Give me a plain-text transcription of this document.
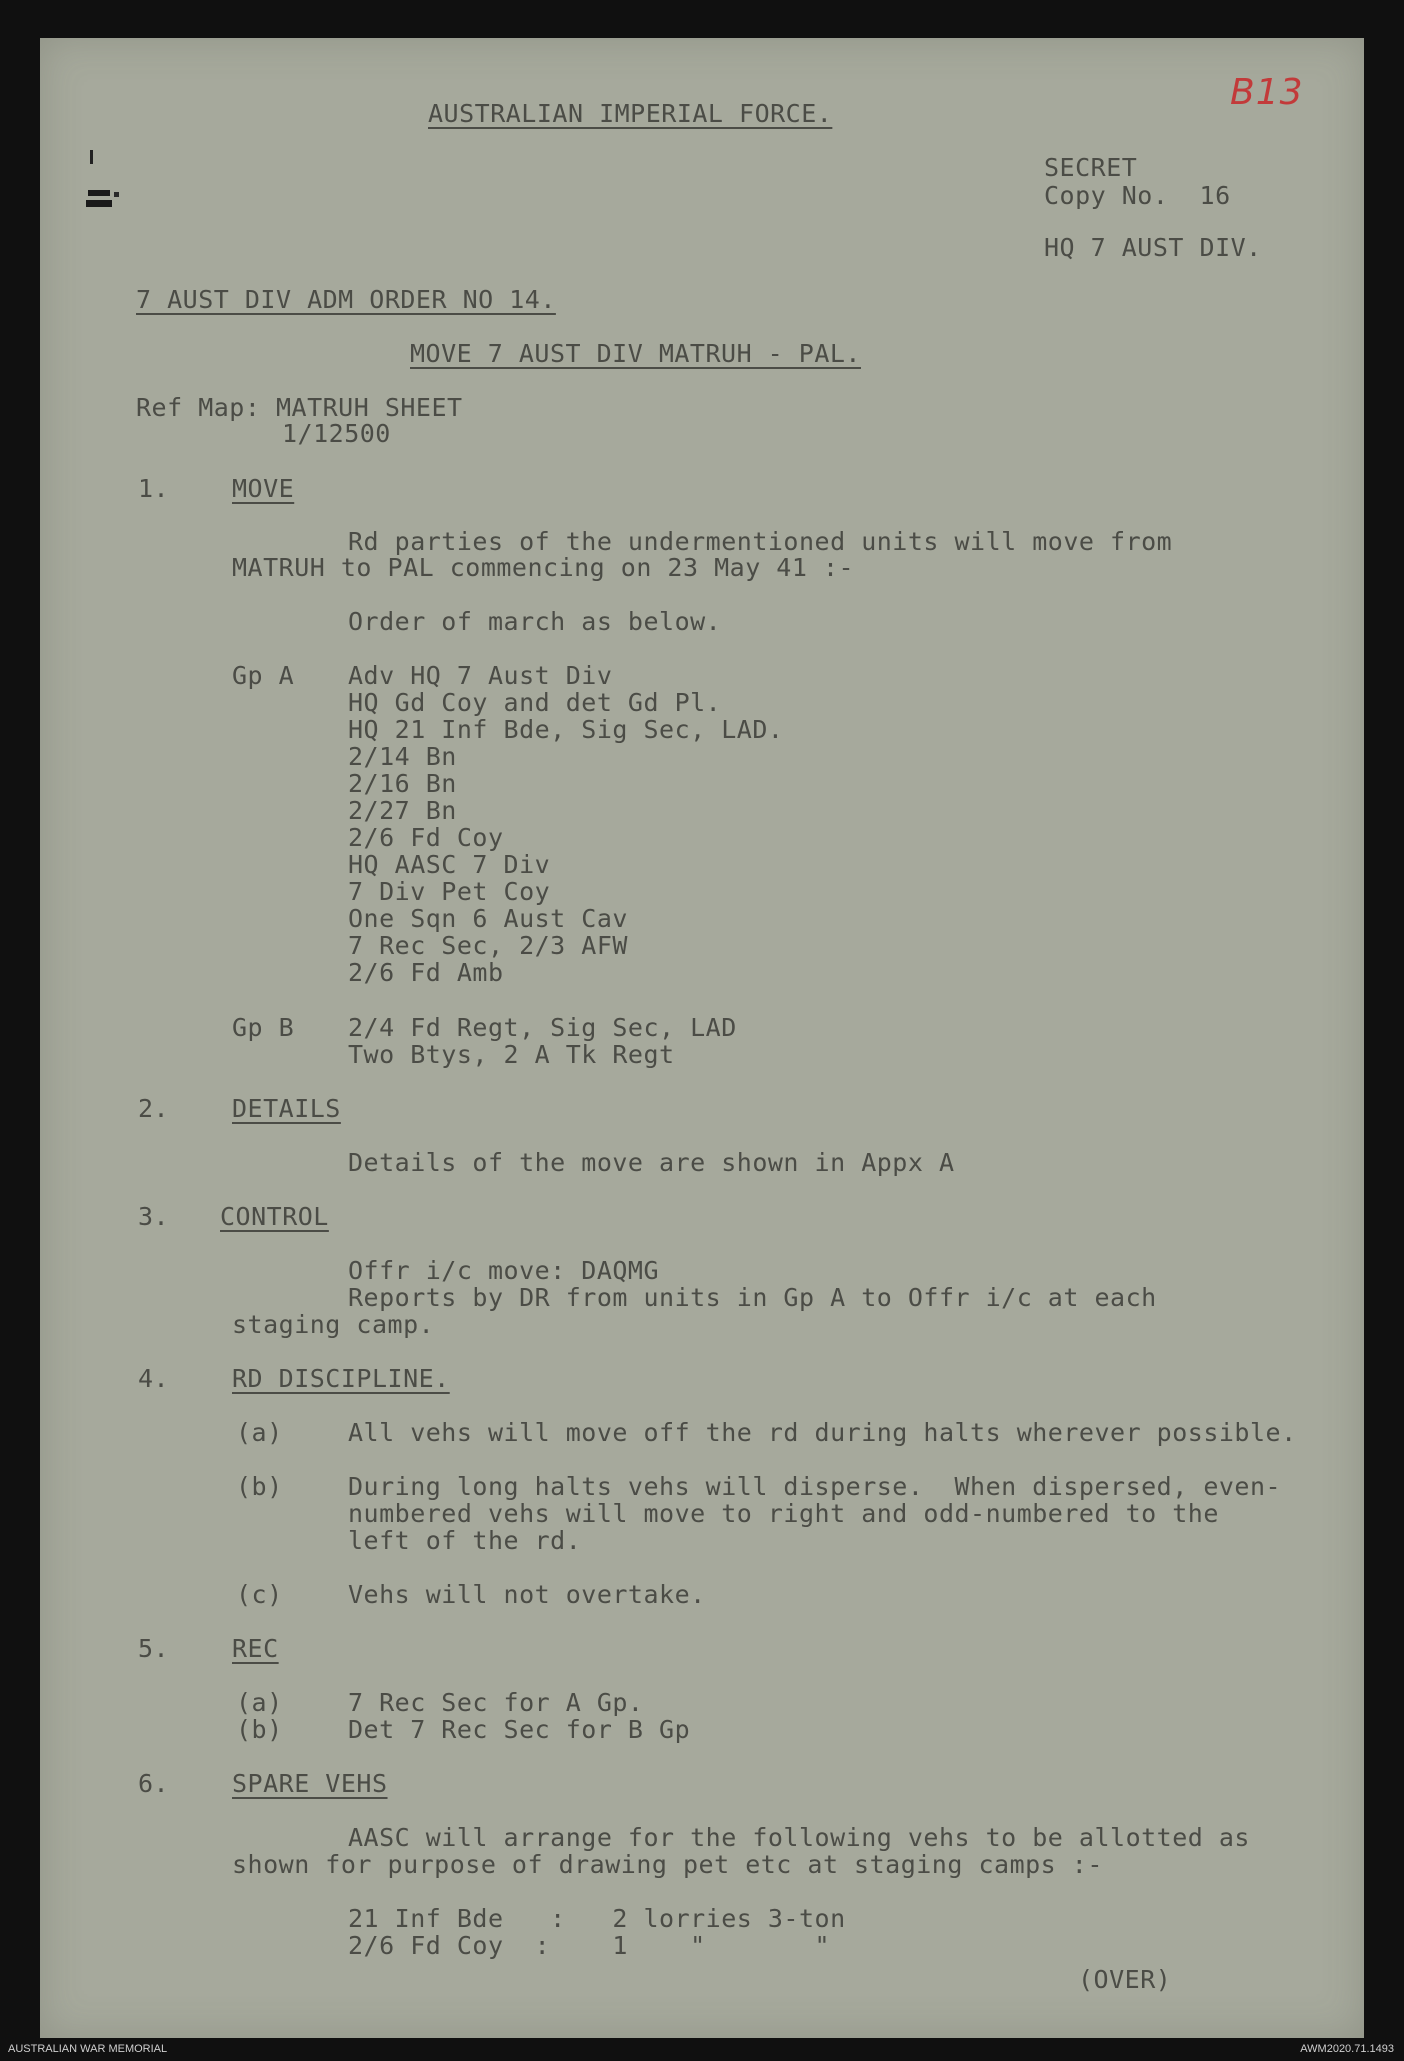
B13
AUSTRALIAN IMPERIAL FORCE.
SECRET
Copy No.  16
HQ 7 AUST DIV.
7 AUST DIV ADM ORDER NO 14.
MOVE 7 AUST DIV MATRUH - PAL.
Ref Map: MATRUH SHEET
1/12500
1.	MOVE
Rd parties of the undermentioned units will move from
MATRUH to PAL commencing on 23 May 41 :-
Order of march as below.
Gp A Adv HQ 7 Aust Div
HQ Gd Coy and det Gd Pl.
HQ 21 Inf Bde, Sig Sec, LAD.
2/14 Bn
2/16 Bn
2/27 Bn
2/6 Fd Coy
HQ AASC 7 Div
7 Div Pet Coy
One Sqn 6 Aust Cav
7 Rec Sec, 2/3 AFW
2/6 Fd Amb
Gp B 2/4 Fd Regt, Sig Sec, LAD
Two Btys, 2 A Tk Regt
2.	DETAILS
Details of the move are shown in Appx A
3. CONTROL
Offr i/c move: DAQMG
Reports by DR from units in Gp A to Offr i/c at each
staging camp.
4.	RD DISCIPLINE.
(a)	All vehs will move off the rd during halts wherever possible.
(b)	During long halts vehs will disperse.  When dispersed, even-
numbered vehs will move to right and odd-numbered to the
left of the rd.
(c)	Vehs will not overtake.
5.	REC
(a)	7 Rec Sec for A Gp.
(b)	Det 7 Rec Sec for B Gp
6.	SPARE VEHS
AASC will arrange for the following vehs to be allotted as
shown for purpose of drawing pet etc at staging camps :-
21 Inf Bde   :   2 lorries 3-ton
2/6 Fd Coy  :    1    "       "
(OVER)
AUSTRALIAN WAR MEMORIAL	AWM2020.71.1493
